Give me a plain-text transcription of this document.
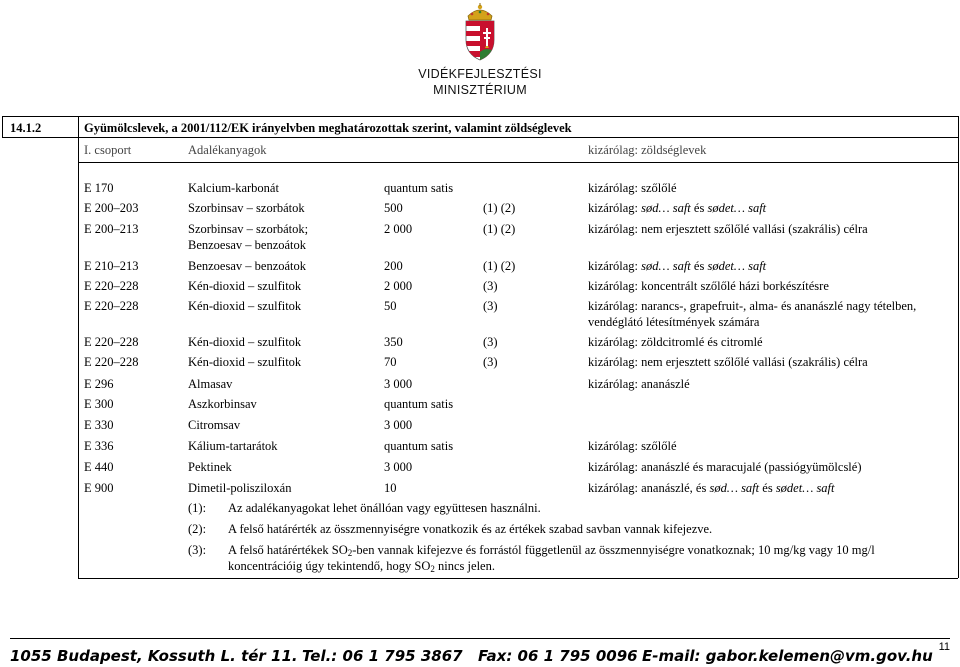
VIDÉKFEJLESZTÉSI
MINISZTÉRIUM
14.1.2	Gyümölcslevek, a 2001/112/EK irányelvben meghatározottak szerint, valamint zöldséglevek
I. csoport	Adalékanyagok	kizárólag: zöldséglevek
E 170	Kalcium-karbonát	quantum satis	kizárólag: szőlőlé
E 200–203	Szorbinsav – szorbátok	500	(1) (2)	kizárólag: sød… saft és sødet… saft
E 200–213	Szorbinsav – szorbátok;
Benzoesav – benzoátok
2 000	(1) (2)	kizárólag: nem erjesztett szőlőlé vallási (szakrális) célra
E 210–213	Benzoesav – benzoátok	200	(1) (2)	kizárólag: sød… saft és sødet… saft
E 220–228	Kén-dioxid – szulfitok	2 000	(3)	kizárólag: koncentrált szőlőlé házi borkészítésre
E 220–228	Kén-dioxid – szulfitok	50	(3)	kizárólag: narancs-, grapefruit-, alma- és ananászlé nagy tételben,
vendéglátó létesítmények számára
E 220–228	Kén-dioxid – szulfitok	350	(3)	kizárólag: zöldcitromlé és citromlé
E 220–228	Kén-dioxid – szulfitok	70	(3)	kizárólag: nem erjesztett szőlőlé vallási (szakrális) célra
E 296	Almasav	3 000	kizárólag: ananászlé
E 300	Aszkorbinsav	quantum satis
E 330	Citromsav	3 000
E 336	Kálium-tartarátok	quantum satis	kizárólag: szőlőlé
E 440	Pektinek	3 000	kizárólag: ananászlé és maracujalé (passiógyümölcslé)
E 900	Dimetil-polisziloxán	10	kizárólag: ananászlé, és sød… saft és sødet… saft
(1): Az adalékanyagokat lehet önállóan vagy együttesen használni.
(2): A felső határérték az összmennyiségre vonatkozik és az értékek szabad savban vannak kifejezve.
(3): A felső határértékek $SO_2$-ben vannak kifejezve és forrástól függetlenül az összmennyiségre vonatkoznak; 10 mg/kg vagy 10 mg/l
koncentrációig úgy tekintendő, hogy $SO_2$ nincs jelen.
11
1055 Budapest, Kossuth L. tér 11. Tel.: 06 1 795 3867 Fax: 06 1 795 0096 E-mail: gabor.kelemen@vm.gov.hu
